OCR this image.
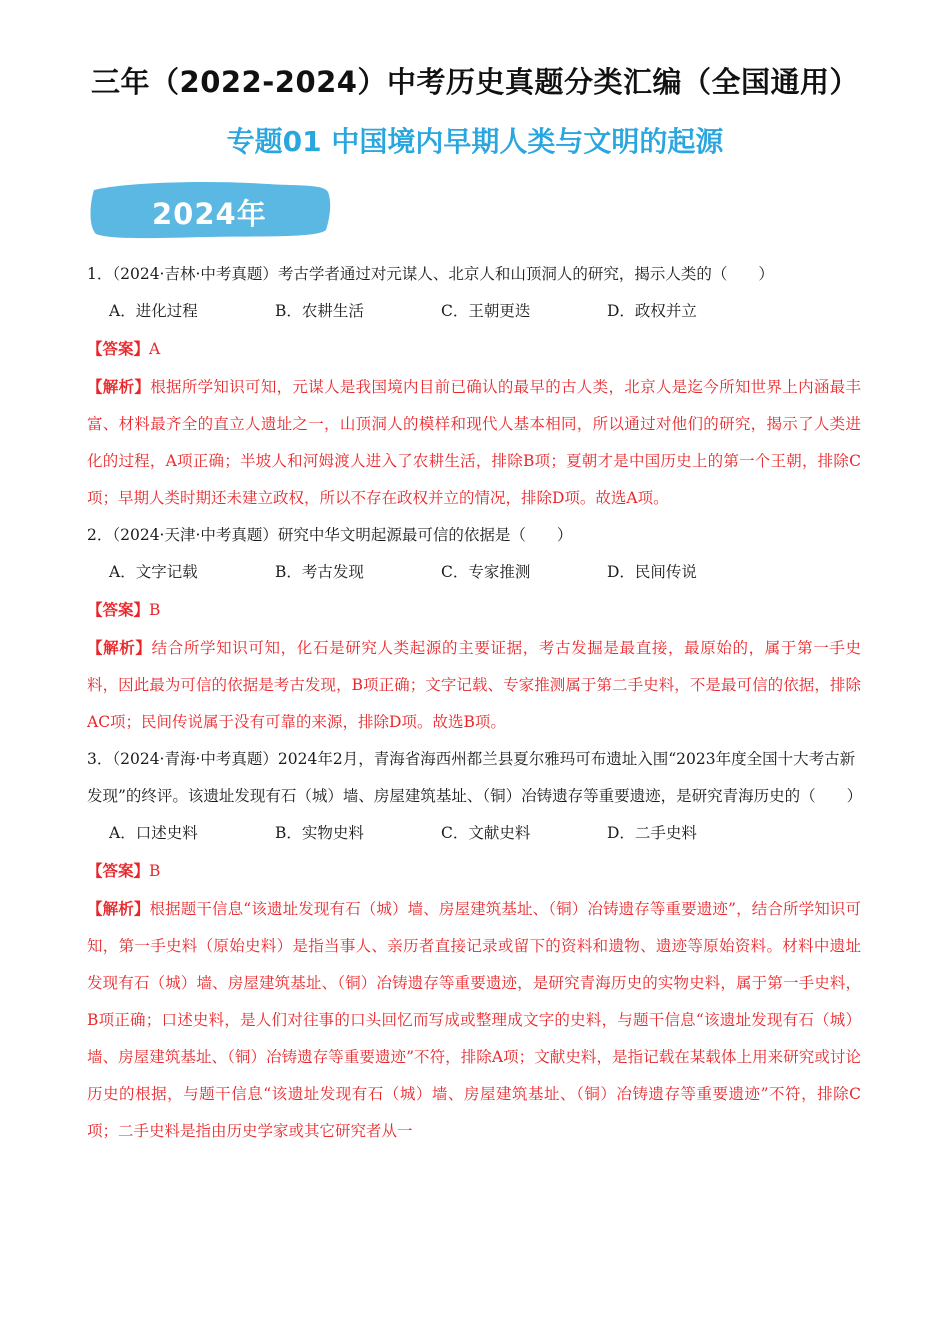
三年（2022-2024）中考历史真题分类汇编（全国通用）
专题01 中国境内早期人类与文明的起源
2024年
1．（2024·吉林·中考真题）考古学者通过对元谋人、北京人和山顶洞人的研究，揭示人类的（　　）
A．进化过程	B．农耕生活	C．王朝更迭	D．政权并立
【答案】A
【解析】根据所学知识可知，元谋人是我国境内目前已确认的最早的古人类，北京人是迄今所知世界上内涵最丰富、材料最齐全的直立人遗址之一，山顶洞人的模样和现代人基本相同，所以通过对他们的研究，揭示了人类进化的过程，A项正确；半坡人和河姆渡人进入了农耕生活，排除B项；夏朝才是中国历史上的第一个王朝，排除C项；早期人类时期还未建立政权，所以不存在政权并立的情况，排除D项。故选A项。
2．（2024·天津·中考真题）研究中华文明起源最可信的依据是（　　）
A．文字记载	B．考古发现	C．专家推测	D．民间传说
【答案】B
【解析】结合所学知识可知，化石是研究人类起源的主要证据，考古发掘是最直接，最原始的，属于第一手史料，因此最为可信的依据是考古发现，B项正确；文字记载、专家推测属于第二手史料，不是最可信的依据，排除AC项；民间传说属于没有可靠的来源，排除D项。故选B项。
3．（2024·青海·中考真题）2024年2月，青海省海西州都兰县夏尔雅玛可布遗址入围“2023年度全国十大考古新发现”的终评。该遗址发现有石（城）墙、房屋建筑基址、（铜）冶铸遗存等重要遗迹，是研究青海历史的（　　）
A．口述史料	B．实物史料	C．文献史料	D．二手史料
【答案】B
【解析】根据题干信息“该遗址发现有石（城）墙、房屋建筑基址、（铜）冶铸遗存等重要遗迹”，结合所学知识可知，第一手史料（原始史料）是指当事人、亲历者直接记录或留下的资料和遗物、遗迹等原始资料。材料中遗址发现有石（城）墙、房屋建筑基址、（铜）冶铸遗存等重要遗迹，是研究青海历史的实物史料，属于第一手史料，B项正确；口述史料，是人们对往事的口头回忆而写成或整理成文字的史料，与题干信息“该遗址发现有石（城）墙、房屋建筑基址、（铜）冶铸遗存等重要遗迹”不符，排除A项；文献史料，是指记载在某载体上用来研究或讨论历史的根据，与题干信息“该遗址发现有石（城）墙、房屋建筑基址、（铜）冶铸遗存等重要遗迹”不符，排除C项；二手史料是指由历史学家或其它研究者从一
